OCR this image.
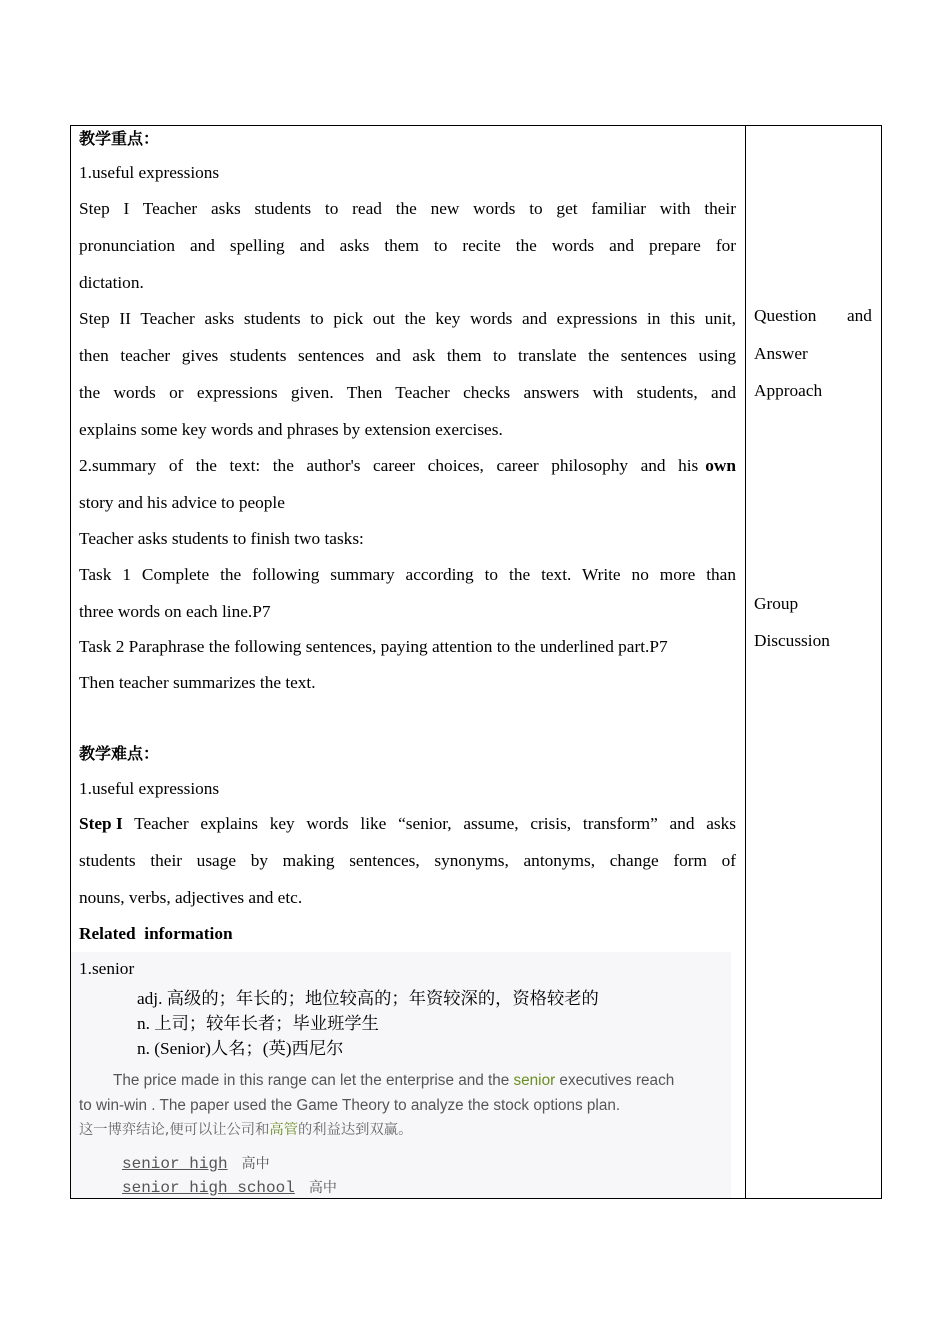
教学重点：
1.useful expressions
Step I Teacher asks students to read the new words to get familiar with their
pronunciation and spelling and asks them to recite the words and prepare for
dictation.
Step II Teacher asks students to pick out the key words and expressions in this unit,
then teacher gives students sentences and ask them to translate the sentences using
the words or expressions given. Then Teacher checks answers with students, and
explains some key words and phrases by extension exercises.
2.summary of the text: the author's career choices, career philosophy and his own
story and his advice to people
Teacher asks students to finish two tasks:
Task 1 Complete the following summary according to the text. Write no more than
three words on each line.P7
Task 2 Paraphrase the following sentences, paying attention to the underlined part.P7
Then teacher summarizes the text.
教学难点：
1.useful expressions
Step I Teacher explains key words like “senior, assume, crisis, transform” and asks
students their usage by making sentences, synonyms, antonyms, change form of
nouns, verbs, adjectives and etc.
Related  information
1.senior
adj. 高级的；年长的；地位较高的；年资较深的，资格较老的
n. 上司；较年长者；毕业班学生
n. (Senior)人名；(英)西尼尔
The price made in this range can let the enterprise and the senior executives reach
to win-win . The paper used the Game Theory to analyze the stock options plan.
这一博弈结论,便可以让公司和高管的利益达到双赢。
senior high 高中
senior high school 高中
Question and
Answer
Approach
Group
Discussion
